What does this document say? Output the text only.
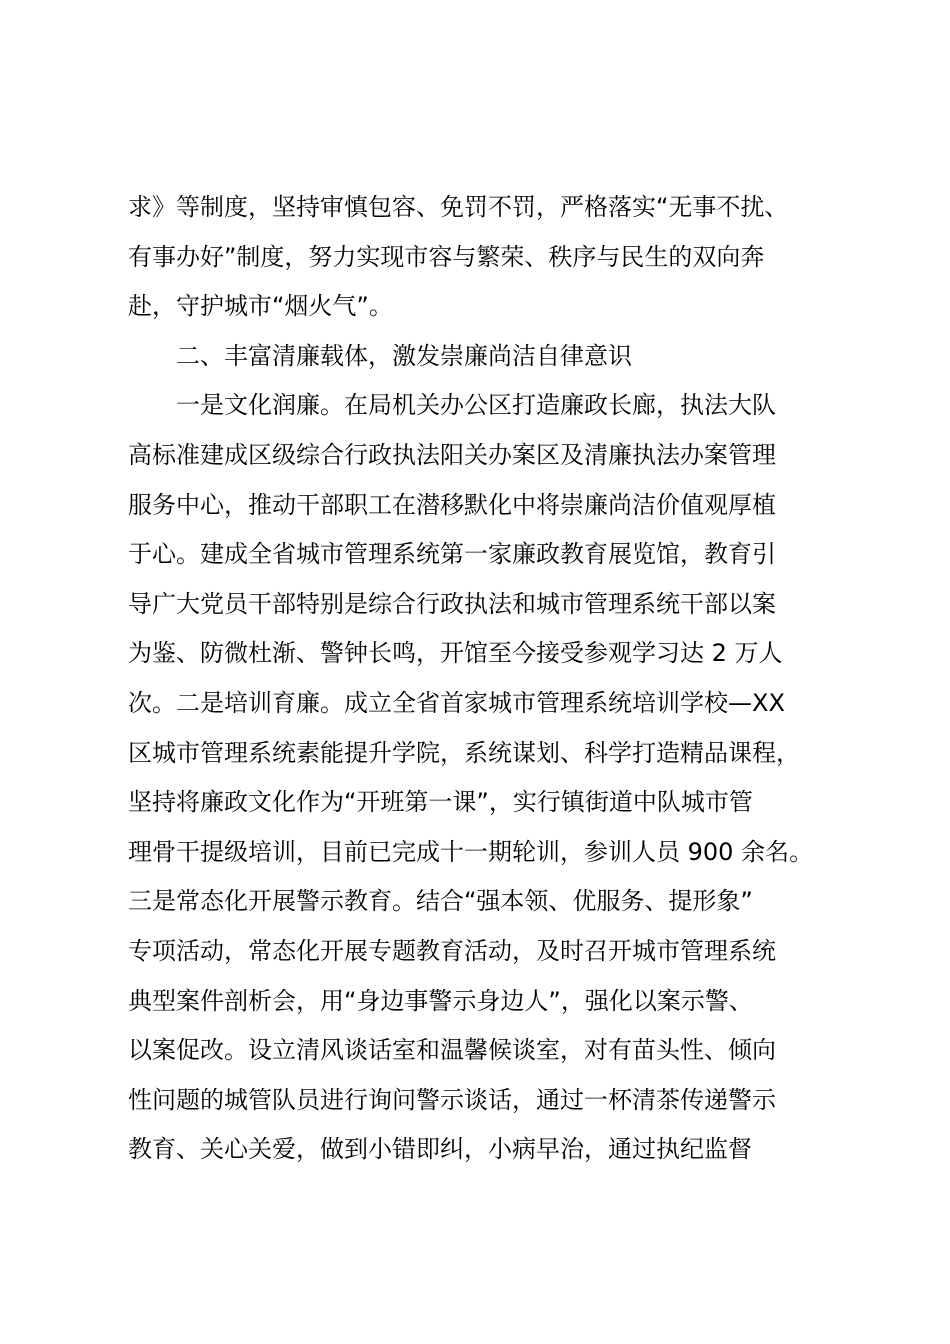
求》等制度，坚持审慎包容、免罚不罚，严格落实“无事不扰、
有事办好”制度，努力实现市容与繁荣、秩序与民生的双向奔
赴，守护城市“烟火气”。
　　二、丰富清廉载体，激发崇廉尚洁自律意识
　　一是文化润廉。在局机关办公区打造廉政长廊，执法大队
高标准建成区级综合行政执法阳关办案区及清廉执法办案管理
服务中心，推动干部职工在潜移默化中将崇廉尚洁价值观厚植
于心。建成全省城市管理系统第一家廉政教育展览馆，教育引
导广大党员干部特别是综合行政执法和城市管理系统干部以案
为鉴、防微杜渐、警钟长鸣，开馆至今接受参观学习达 2 万人
次。二是培训育廉。成立全省首家城市管理系统培训学校—XX
区城市管理系统素能提升学院，系统谋划、科学打造精品课程，
坚持将廉政文化作为“开班第一课”，实行镇街道中队城市管
理骨干提级培训，目前已完成十一期轮训，参训人员 900 余名。
三是常态化开展警示教育。结合“强本领、优服务、提形象”
专项活动，常态化开展专题教育活动，及时召开城市管理系统
典型案件剖析会，用“身边事警示身边人”，强化以案示警、
以案促改。设立清风谈话室和温馨候谈室，对有苗头性、倾向
性问题的城管队员进行询问警示谈话，通过一杯清茶传递警示
教育、关心关爱，做到小错即纠，小病早治，通过执纪监督
